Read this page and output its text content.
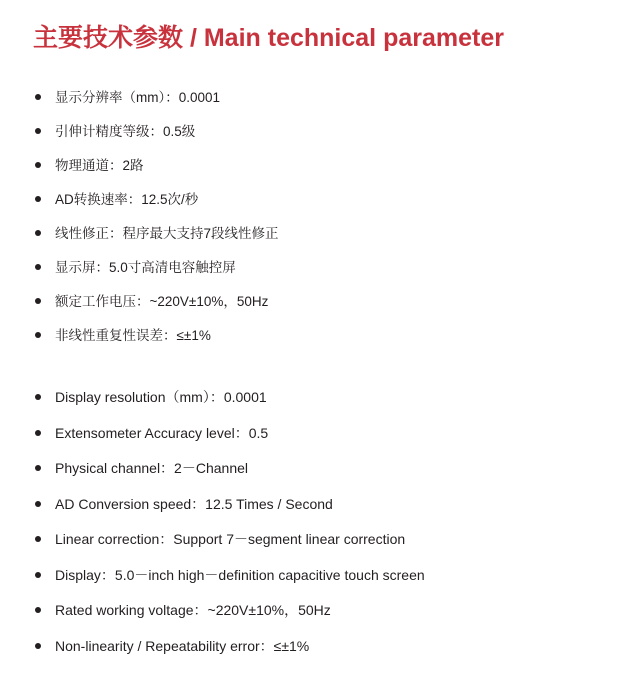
主要技术参数 / Main technical parameter
显示分辨率（mm）：0.0001
引伸计精度等级：0.5级
物理通道：2路
AD转换速率：12.5次/秒
线性修正：程序最大支持7段线性修正
显示屏：5.0寸高清电容触控屏
额定工作电压：~220V±10%，50Hz
非线性重复性误差：≤±1%
Display resolution（mm）：0.0001
Extensometer Accuracy level：0.5
Physical channel：2－Channel
AD Conversion speed：12.5 Times / Second
Linear correction：Support 7－segment linear correction
Display：5.0－inch high－definition capacitive touch screen
Rated working voltage：~220V±10%，50Hz
Non-linearity / Repeatability error：≤±1%
